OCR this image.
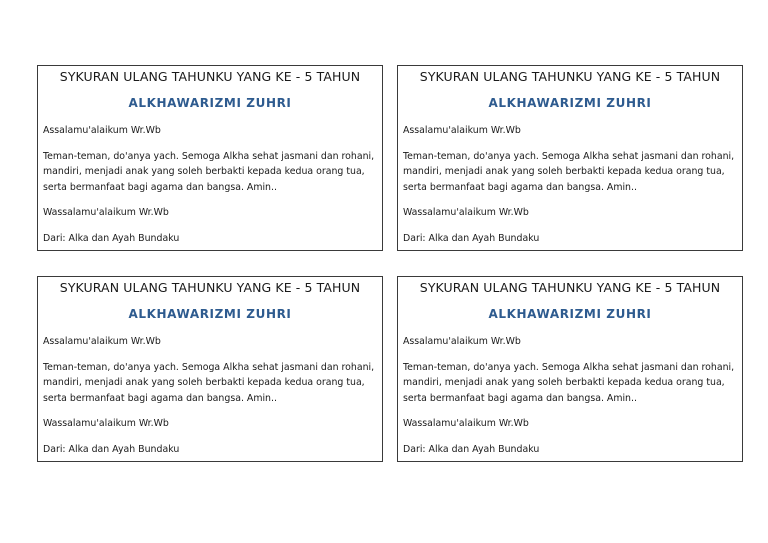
SYKURAN ULANG TAHUNKU YANG KE - 5 TAHUN
ALKHAWARIZMI ZUHRI

Assalamu'alaikum Wr.Wb

Teman-teman, do'anya yach. Semoga Alkha sehat jasmani dan rohani, mandiri, menjadi anak yang soleh berbakti kepada kedua orang tua, serta bermanfaat bagi agama dan bangsa. Amin..

Wassalamu'alaikum Wr.Wb

Dari: Alka dan Ayah Bundaku

SYKURAN ULANG TAHUNKU YANG KE - 5 TAHUN
ALKHAWARIZMI ZUHRI

Assalamu'alaikum Wr.Wb

Teman-teman, do'anya yach. Semoga Alkha sehat jasmani dan rohani, mandiri, menjadi anak yang soleh berbakti kepada kedua orang tua, serta bermanfaat bagi agama dan bangsa. Amin..

Wassalamu'alaikum Wr.Wb

Dari: Alka dan Ayah Bundaku

SYKURAN ULANG TAHUNKU YANG KE - 5 TAHUN
ALKHAWARIZMI ZUHRI

Assalamu'alaikum Wr.Wb

Teman-teman, do'anya yach. Semoga Alkha sehat jasmani dan rohani, mandiri, menjadi anak yang soleh berbakti kepada kedua orang tua, serta bermanfaat bagi agama dan bangsa. Amin..

Wassalamu'alaikum Wr.Wb

Dari: Alka dan Ayah Bundaku

SYKURAN ULANG TAHUNKU YANG KE - 5 TAHUN
ALKHAWARIZMI ZUHRI

Assalamu'alaikum Wr.Wb

Teman-teman, do'anya yach. Semoga Alkha sehat jasmani dan rohani, mandiri, menjadi anak yang soleh berbakti kepada kedua orang tua, serta bermanfaat bagi agama dan bangsa. Amin..

Wassalamu'alaikum Wr.Wb

Dari: Alka dan Ayah Bundaku
